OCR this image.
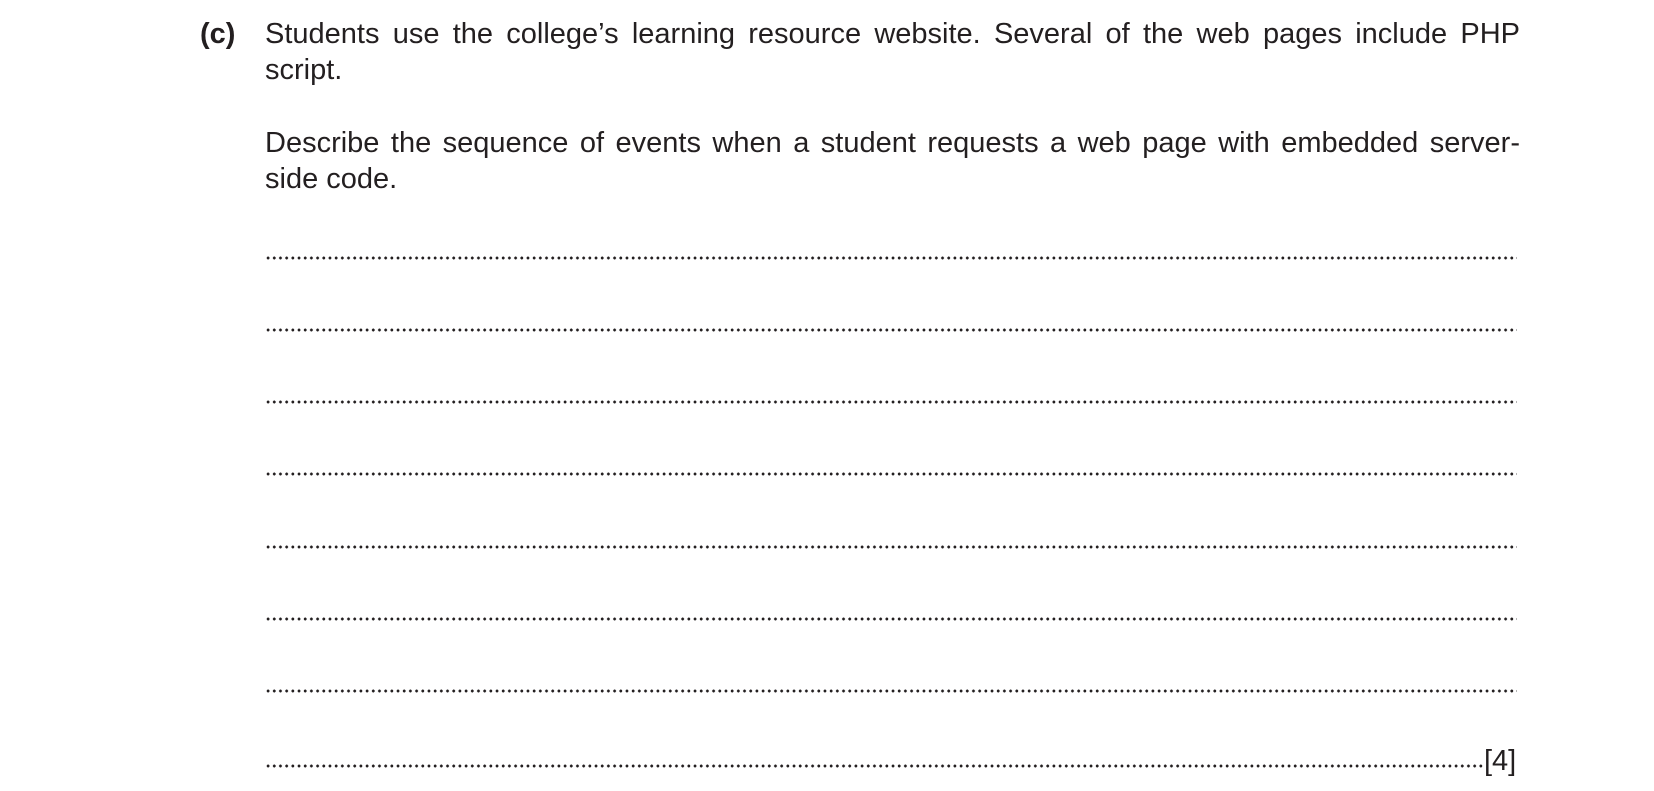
(c) Students use the college’s learning resource website. Several of the web pages include PHP script.

Describe the sequence of events when a student requests a web page with embedded server-side code.

[4]
